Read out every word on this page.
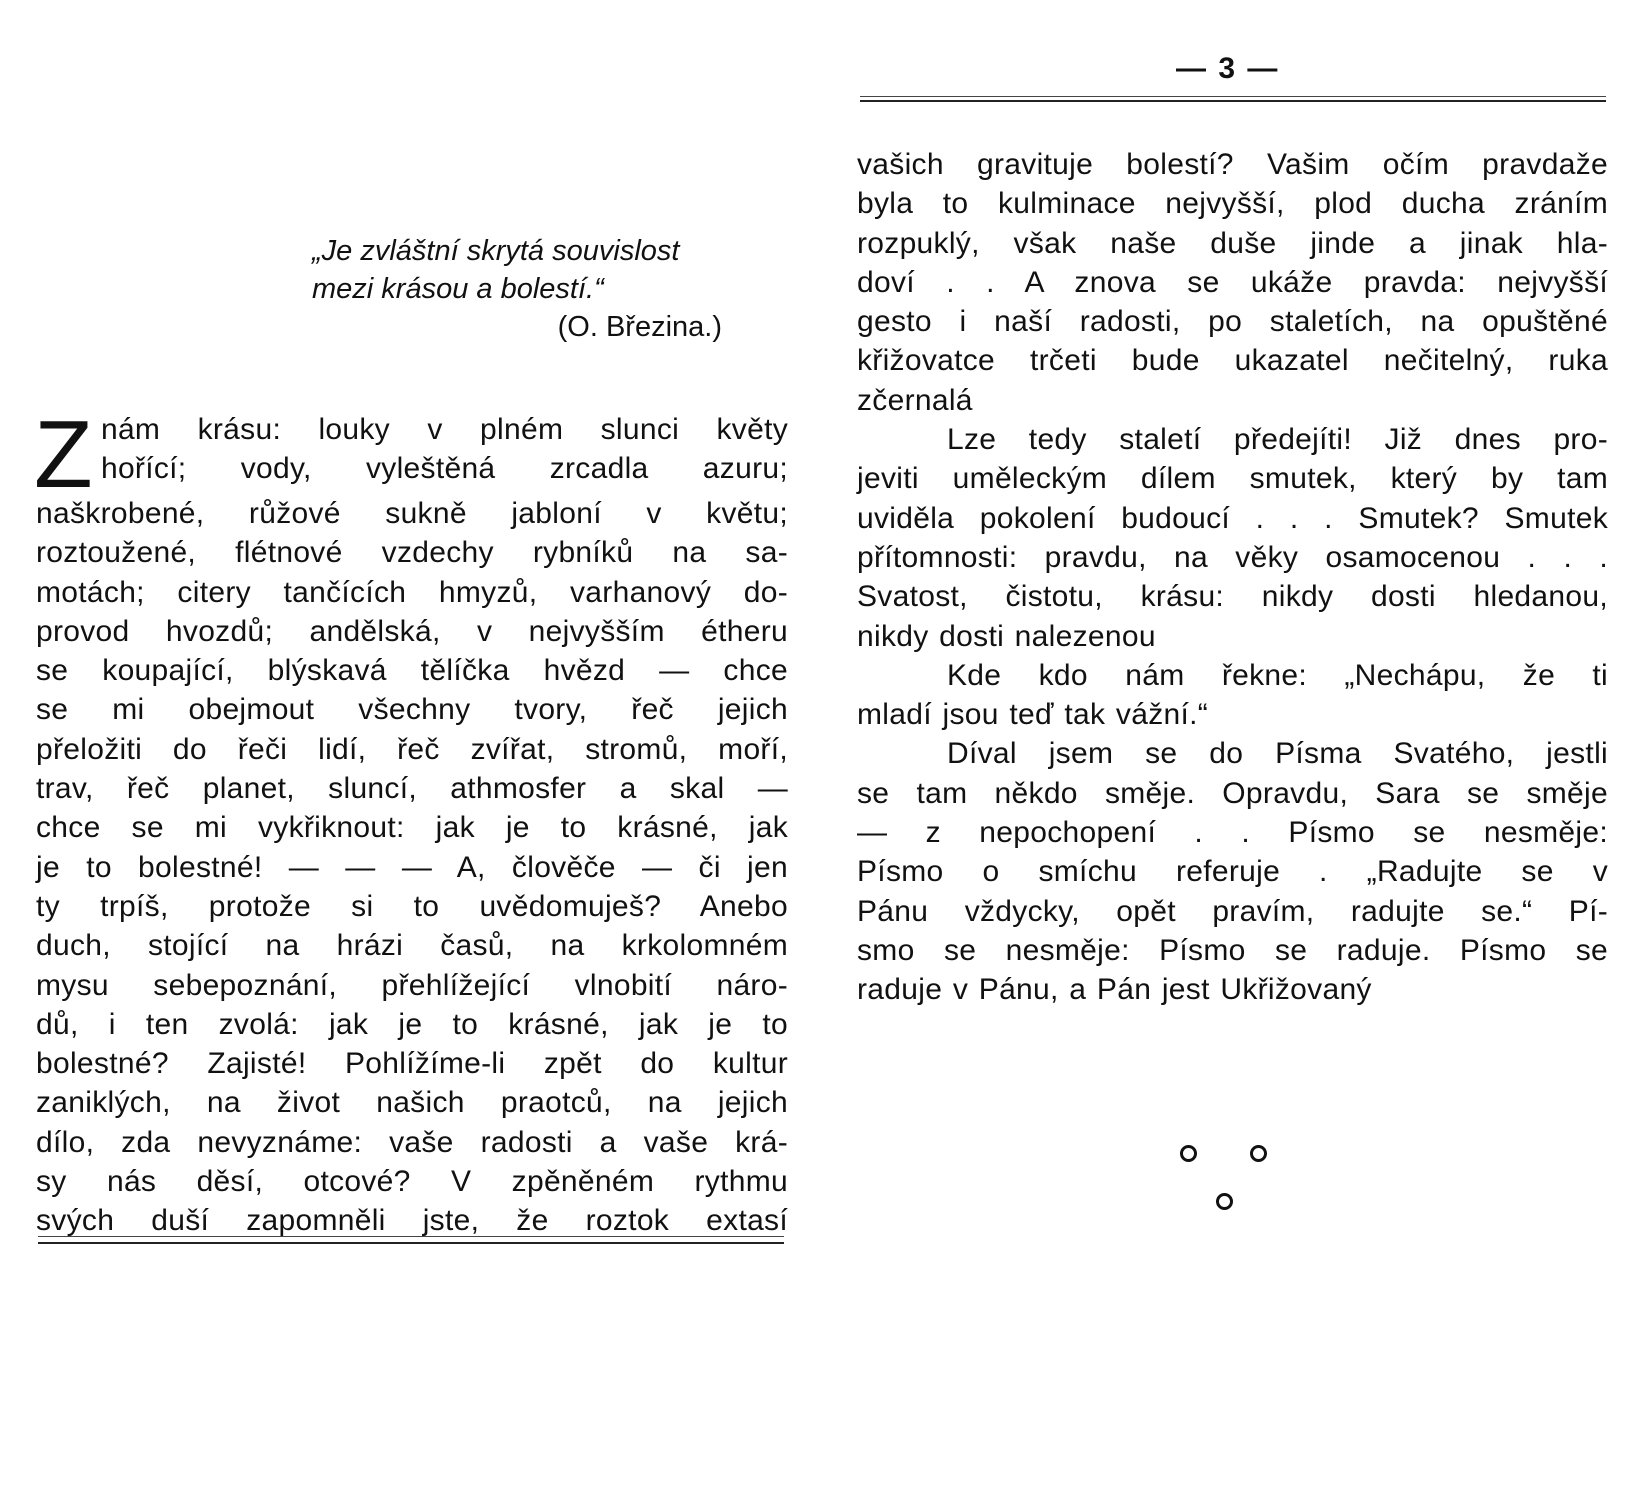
— 3 —
„Je zvláštní skrytá souvislost
mezi krásou a bolestí.“
(O. Březina.)
Z nám krásu: louky v plném slunci květy
hořící; vody, vyleštěná zrcadla azuru;
naškrobené, růžové sukně jabloní v květu;
roztoužené, flétnové vzdechy rybníků na sa-
motách; citery tančících hmyzů, varhanový do-
provod hvozdů; andělská, v nejvyšším étheru
se koupající, blýskavá tělíčka hvězd — chce
se mi obejmout všechny tvory, řeč jejich
přeložiti do řeči lidí, řeč zvířat, stromů, moří,
trav, řeč planet, sluncí, athmosfer a skal —
chce se mi vykřiknout: jak je to krásné, jak
je to bolestné! — — — A, člověče — či jen
ty trpíš, protože si to uvědomuješ? Anebo
duch, stojící na hrázi časů, na krkolomném
mysu sebepoznání, přehlížející vlnobití náro-
dů, i ten zvolá: jak je to krásné, jak je to
bolestné? Zajisté! Pohlížíme-li zpět do kultur
zaniklých, na život našich praotců, na jejich
dílo, zda nevyznáme: vaše radosti a vaše krá-
sy nás děsí, otcové? V zpěněném rythmu
svých duší zapomněli jste, že roztok extasí
vašich gravituje bolestí? Vašim očím pravdaže
byla to kulminace nejvyšší, plod ducha zráním
rozpuklý, však naše duše jinde a jinak hla-
doví . . A znova se ukáže pravda: nejvyšší
gesto i naší radosti, po staletích, na opuštěné
křižovatce trčeti bude ukazatel nečitelný, ruka
zčernalá
Lze tedy staletí předejíti! Již dnes pro-
jeviti uměleckým dílem smutek, který by tam
uviděla pokolení budoucí . . . Smutek? Smutek
přítomnosti: pravdu, na věky osamocenou . . .
Svatost, čistotu, krásu: nikdy dosti hledanou,
nikdy dosti nalezenou
Kde kdo nám řekne: „Nechápu, že ti
mladí jsou teď tak vážní.“
Díval jsem se do Písma Svatého, jestli
se tam někdo směje. Opravdu, Sara se směje
— z nepochopení . . Písmo se nesměje:
Písmo o smíchu referuje . „Radujte se v
Pánu vždycky, opět pravím, radujte se.“ Pí-
smo se nesměje: Písmo se raduje. Písmo se
raduje v Pánu, a Pán jest Ukřižovaný
